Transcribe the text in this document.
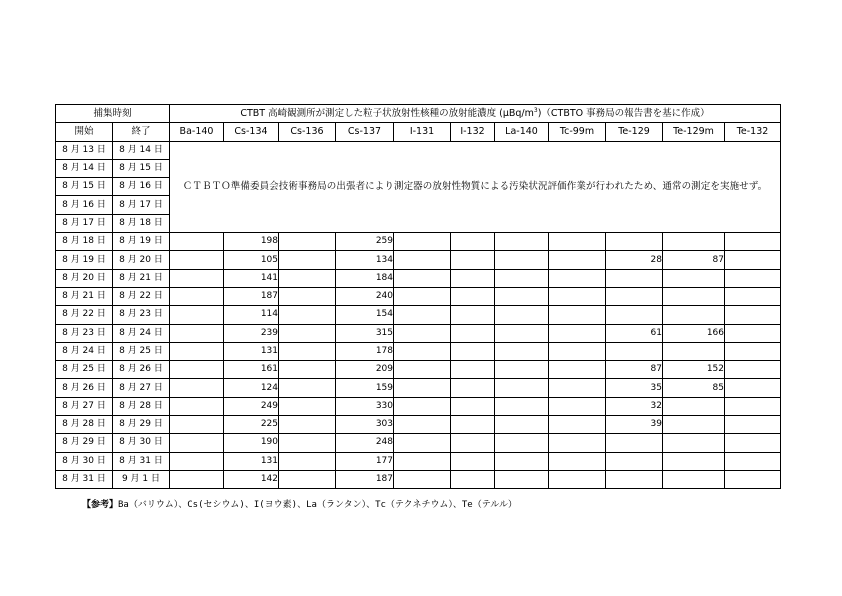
捕集時刻		CTBT 高崎観測所が測定した粒子状放射性核種の放射能濃度 $(\mu Bq/m^3)(CTBTO$ 事務局の報告書を基に作成）										
開始	終了	Ba-140	Cs-134	Cs-136	Cs-137	I-131	I-132	La-140	Tc-99m	Te-129	Te-129m	Te-132
8 月 13 日	8 月 14 日	ＣＴＢＴＯ準備委員会技術事務局の出張者により測定器の放射性物質による汚染状況評価作業が行われたため、通常の測定を実施せず。										
8 月 14 日	8 月 15 日											
8 月 15 日	8 月 16 日											
8 月 16 日	8 月 17 日											
8 月 17 日	8 月 18 日											
8 月 18 日	8 月 19 日		198		259							
8 月 19 日	8 月 20 日		105		134					28	87	
8 月 20 日	8 月 21 日		141		184							
8 月 21 日	8 月 22 日		187		240							
8 月 22 日	8 月 23 日		114		154							
8 月 23 日	8 月 24 日		239		315					61	166	
8 月 24 日	8 月 25 日		131		178							
8 月 25 日	8 月 26 日		161		209					87	152	
8 月 26 日	8 月 27 日		124		159					35	85	
8 月 27 日	8 月 28 日		249		330					32		
8 月 28 日	8 月 29 日		225		303					39		
8 月 29 日	8 月 30 日		190		248							
8 月 30 日	8 月 31 日		131		177							
8 月 31 日	9 月 1 日		142		187							
【参考】Ba（バリウム）、Cs(セシウム)、I(ヨウ素)、La（ランタン）、Tc（テクネチウム）、Te（テルル）
